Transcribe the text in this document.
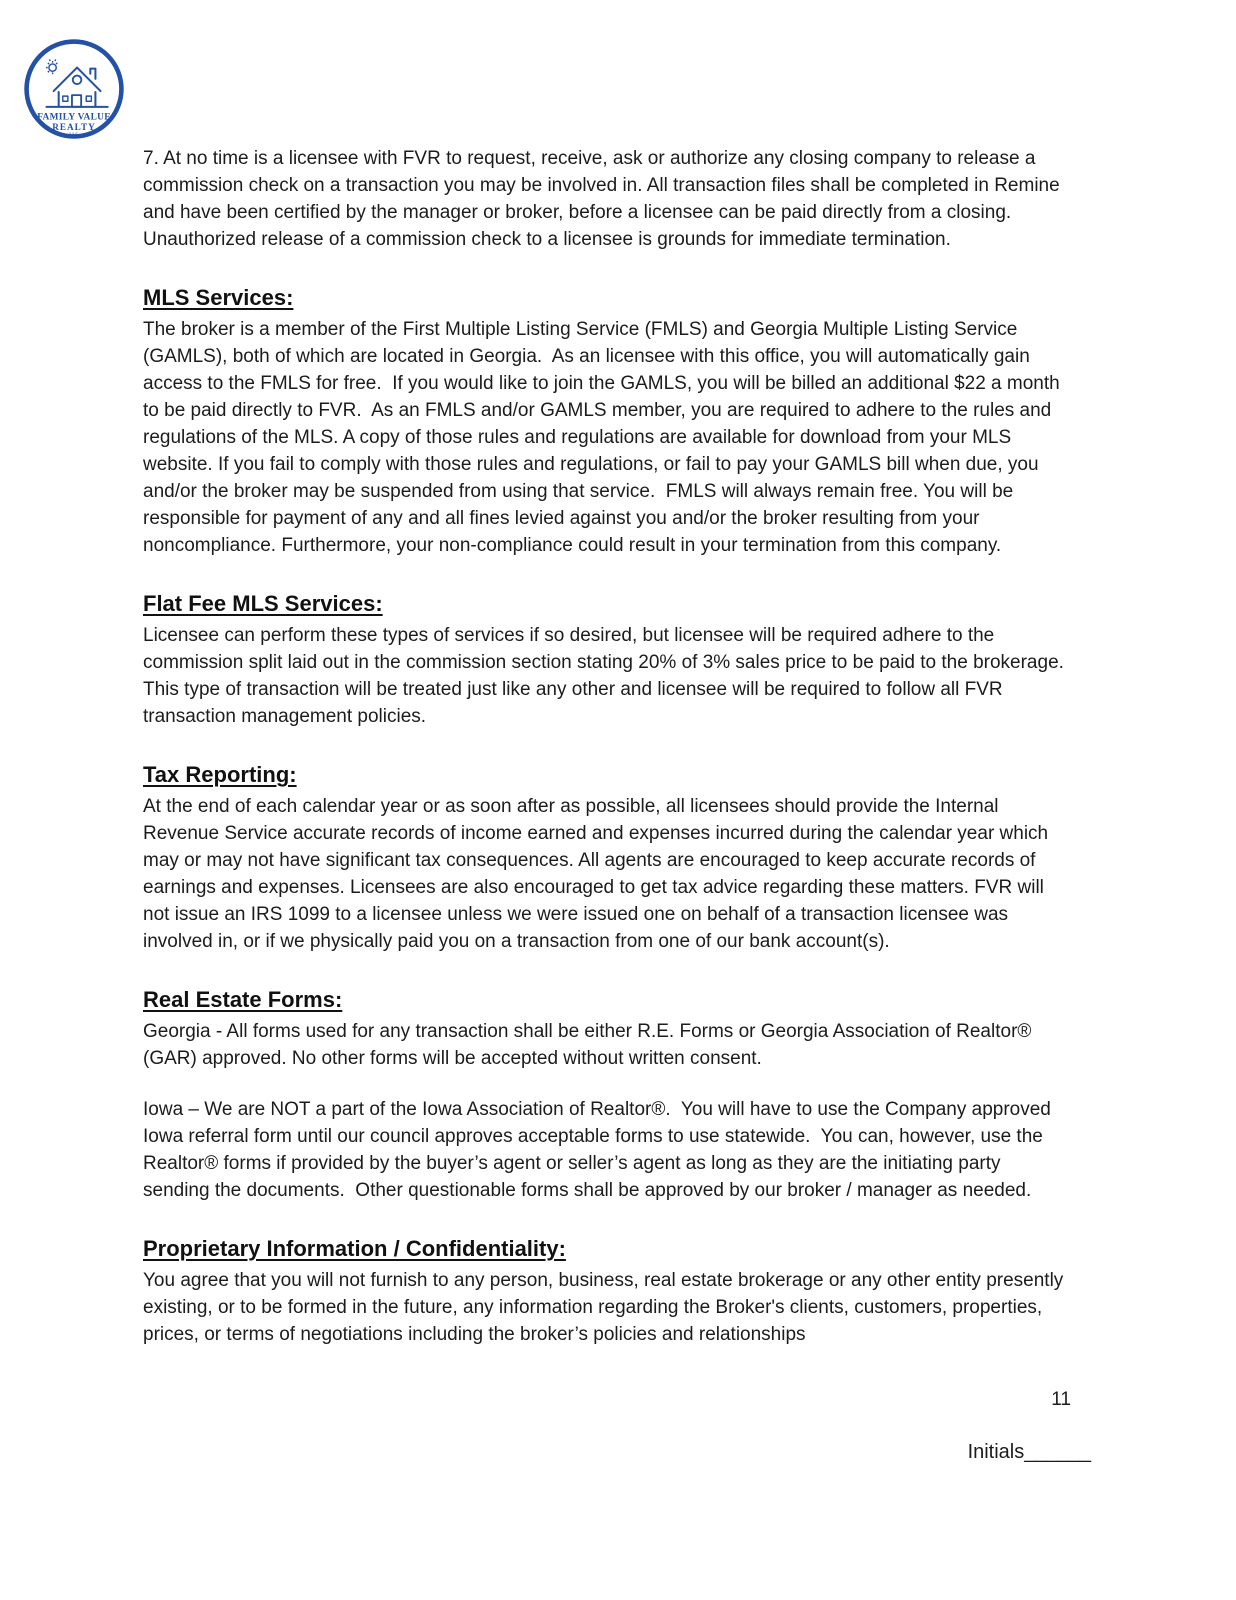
FAMILY VALUE
REALTY
LLC

7. At no time is a licensee with FVR to request, receive, ask or authorize any closing company to release a commission check on a transaction you may be involved in. All transaction files shall be completed in Remine and have been certified by the manager or broker, before a licensee can be paid directly from a closing. Unauthorized release of a commission check to a licensee is grounds for immediate termination.

MLS Services:

The broker is a member of the First Multiple Listing Service (FMLS) and Georgia Multiple Listing Service (GAMLS), both of which are located in Georgia.  As an licensee with this office, you will automatically gain access to the FMLS for free.  If you would like to join the GAMLS, you will be billed an additional $22 a month to be paid directly to FVR.  As an FMLS and/or GAMLS member, you are required to adhere to the rules and regulations of the MLS. A copy of those rules and regulations are available for download from your MLS website. If you fail to comply with those rules and regulations, or fail to pay your GAMLS bill when due, you and/or the broker may be suspended from using that service.  FMLS will always remain free. You will be responsible for payment of any and all fines levied against you and/or the broker resulting from your noncompliance. Furthermore, your non-compliance could result in your termination from this company.

Flat Fee MLS Services:

Licensee can perform these types of services if so desired, but licensee will be required adhere to the commission split laid out in the commission section stating 20% of 3% sales price to be paid to the brokerage. This type of transaction will be treated just like any other and licensee will be required to follow all FVR transaction management policies.

Tax Reporting:

At the end of each calendar year or as soon after as possible, all licensees should provide the Internal Revenue Service accurate records of income earned and expenses incurred during the calendar year which may or may not have significant tax consequences. All agents are encouraged to keep accurate records of earnings and expenses. Licensees are also encouraged to get tax advice regarding these matters. FVR will not issue an IRS 1099 to a licensee unless we were issued one on behalf of a transaction licensee was involved in, or if we physically paid you on a transaction from one of our bank account(s).

Real Estate Forms:

Georgia - All forms used for any transaction shall be either R.E. Forms or Georgia Association of Realtor® (GAR) approved. No other forms will be accepted without written consent.

Iowa – We are NOT a part of the Iowa Association of Realtor®.  You will have to use the Company approved Iowa referral form until our council approves acceptable forms to use statewide.  You can, however, use the Realtor® forms if provided by the buyer’s agent or seller’s agent as long as they are the initiating party sending the documents.  Other questionable forms shall be approved by our broker / manager as needed.

Proprietary Information / Confidentiality:

You agree that you will not furnish to any person, business, real estate brokerage or any other entity presently existing, or to be formed in the future, any information regarding the Broker's clients, customers, properties, prices, or terms of negotiations including the broker’s policies and relationships

11
Initials______
